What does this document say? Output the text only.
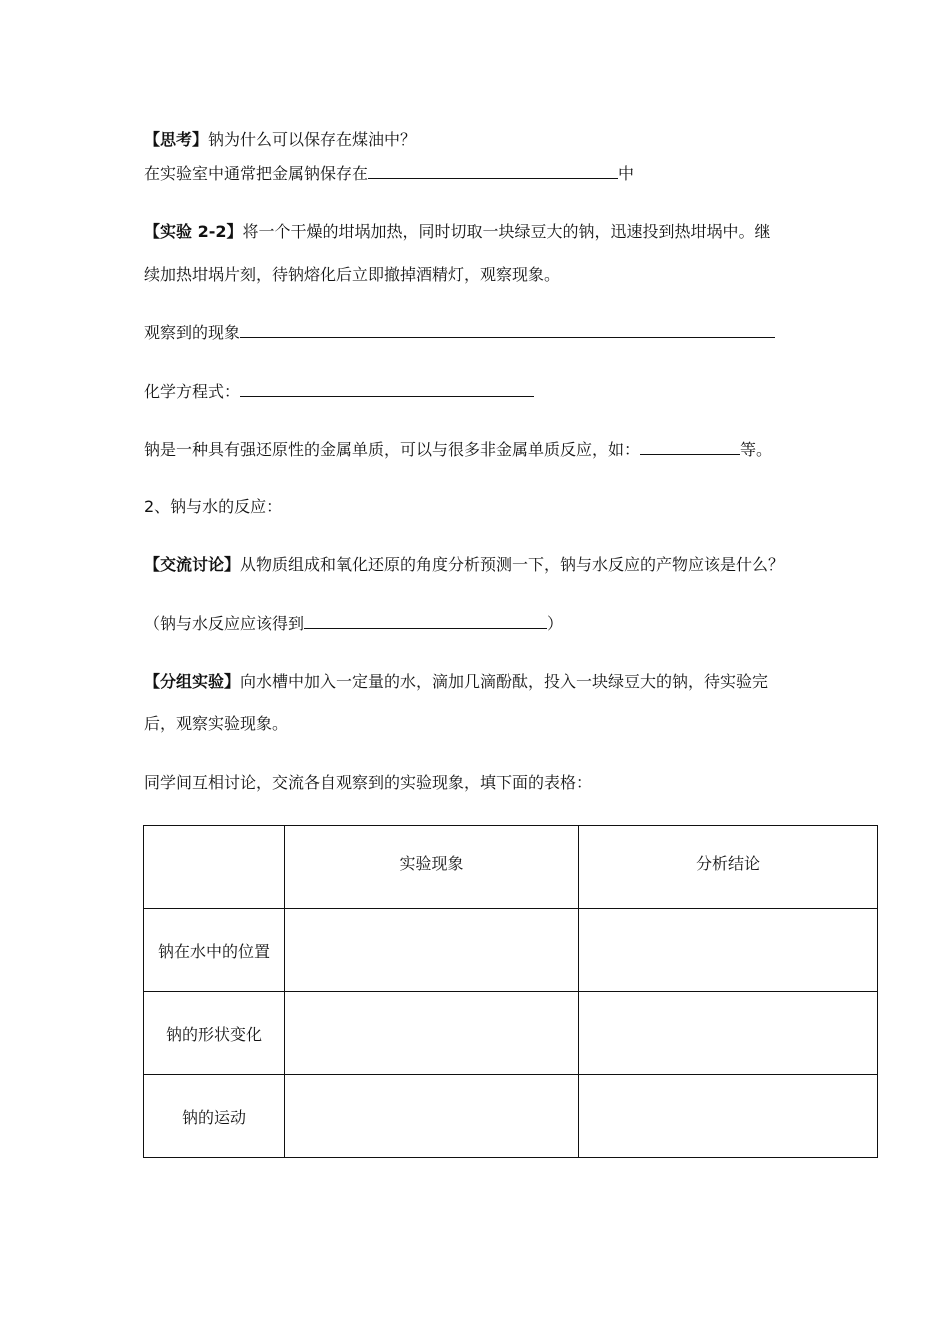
【思考】钠为什么可以保存在煤油中？
在实验室中通常把金属钠保存在	中
【实验 2-2】将一个干燥的坩埚加热，同时切取一块绿豆大的钠，迅速投到热坩埚中。继
续加热坩埚片刻，待钠熔化后立即撤掉酒精灯，观察现象。
观察到的现象
化学方程式：
钠是一种具有强还原性的金属单质，可以与很多非金属单质反应，如：	等。
2、钠与水的反应：
【交流讨论】从物质组成和氧化还原的角度分析预测一下，钠与水反应的产物应该是什么？
（钠与水反应应该得到	）
【分组实验】向水槽中加入一定量的水，滴加几滴酚酞，投入一块绿豆大的钠，待实验完
后，观察实验现象。
同学间互相讨论，交流各自观察到的实验现象，填下面的表格：
	实验现象	分析结论
钠在水中的位置		
钠的形状变化		
钠的运动		
